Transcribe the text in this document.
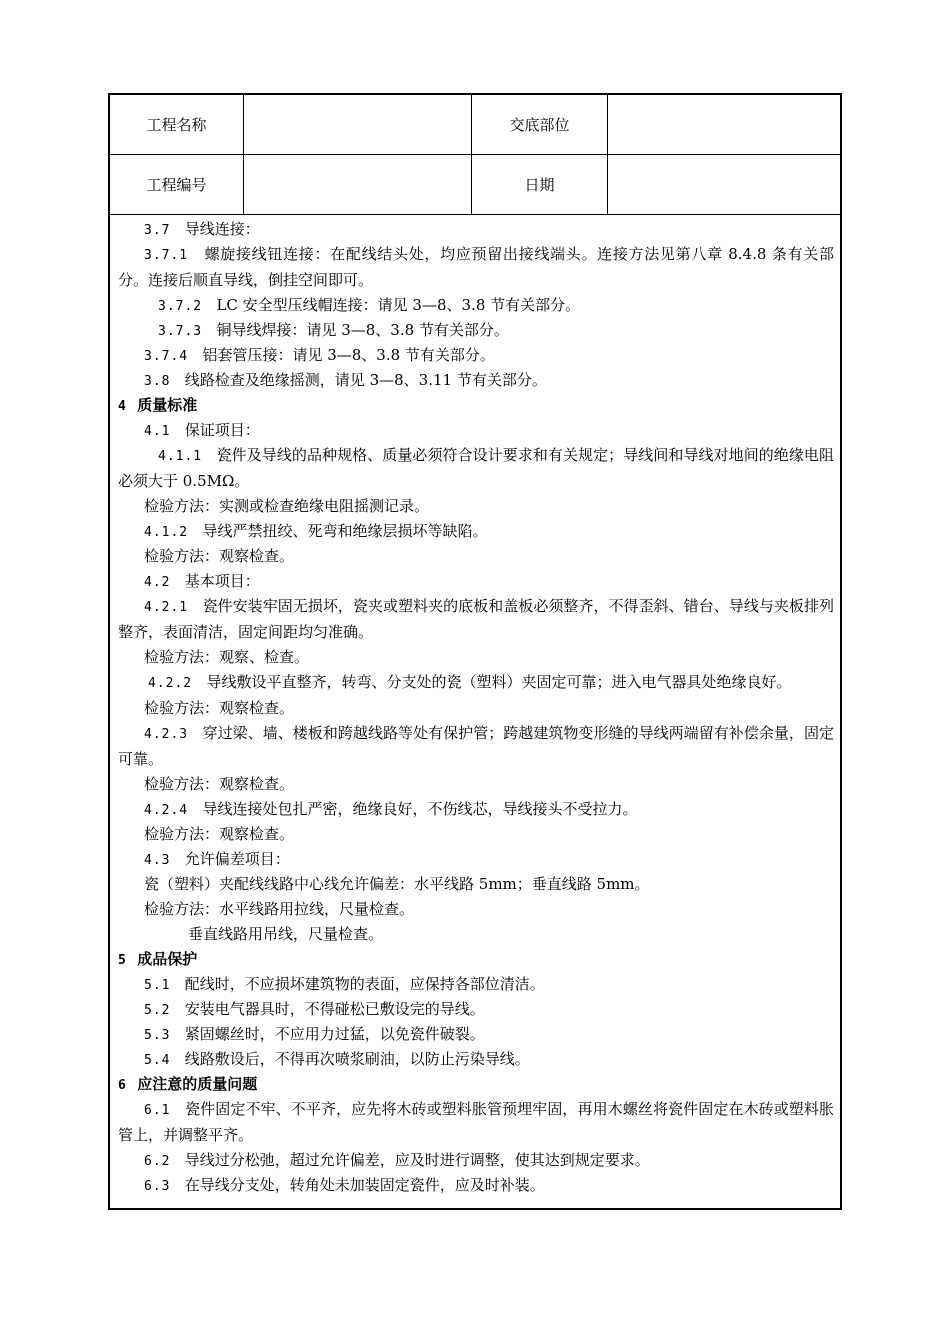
工程名称	交底部位
工程编号	日期
3.7 导线连接：
3.7.1 螺旋接线钮连接：在配线结头处，均应预留出接线端头。连接方法见第八章 8.4.8 条有关部分。连接后顺直导线，倒挂空间即可。
3.7.2 LC 安全型压线帽连接：请见 3—8、3.8 节有关部分。
3.7.3 铜导线焊接：请见 3—8、3.8 节有关部分。
3.7.4 铝套管压接：请见 3—8、3.8 节有关部分。
3.8 线路检查及绝缘摇测，请见 3—8、3.11 节有关部分。
4 质量标准
4.1 保证项目：
4.1.1 瓷件及导线的品种规格、质量必须符合设计要求和有关规定；导线间和导线对地间的绝缘电阻必须大于 0.5MΩ。
检验方法：实测或检查绝缘电阻摇测记录。
4.1.2 导线严禁扭绞、死弯和绝缘层损坏等缺陷。
检验方法：观察检查。
4.2 基本项目：
4.2.1 瓷件安装牢固无损坏，瓷夹或塑料夹的底板和盖板必须整齐，不得歪斜、错台、导线与夹板排列整齐，表面清洁，固定间距均匀准确。
检验方法：观察、检查。
4.2.2 导线敷设平直整齐，转弯、分支处的瓷（塑料）夹固定可靠；进入电气器具处绝缘良好。
检验方法：观察检查。
4.2.3 穿过梁、墙、楼板和跨越线路等处有保护管；跨越建筑物变形缝的导线两端留有补偿余量，固定可靠。
检验方法：观察检查。
4.2.4 导线连接处包扎严密，绝缘良好，不伤线芯，导线接头不受拉力。
检验方法：观察检查。
4.3 允许偏差项目：
瓷（塑料）夹配线线路中心线允许偏差：水平线路 5mm；垂直线路 5mm。
检验方法：水平线路用拉线，尺量检查。
垂直线路用吊线，尺量检查。
5 成品保护
5.1 配线时，不应损坏建筑物的表面，应保持各部位清洁。
5.2 安装电气器具时，不得碰松已敷设完的导线。
5.3 紧固螺丝时，不应用力过猛，以免瓷件破裂。
5.4 线路敷设后，不得再次喷浆刷油，以防止污染导线。
6 应注意的质量问题
6.1 瓷件固定不牢、不平齐，应先将木砖或塑料胀管预埋牢固，再用木螺丝将瓷件固定在木砖或塑料胀管上，并调整平齐。
6.2 导线过分松弛，超过允许偏差，应及时进行调整，使其达到规定要求。
6.3 在导线分支处，转角处未加装固定瓷件，应及时补装。
